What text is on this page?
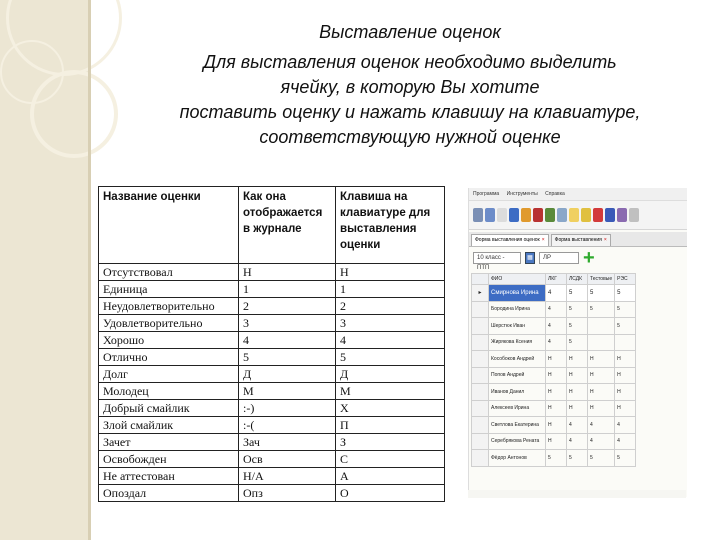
Выставление оценок
Для выставления оценок необходимо выделить
ячейку, в которую Вы хотите
поставить оценку и нажать клавишу на клавиатуре,
соответствующую нужной оценке
Название оценки	Как она отображается в журнале	Клавиша на клавиатуре для выставления оценки
Отсутствовал	Н	Н
Единица	1	1
Неудовлетворительно	2	2
Удовлетворительно	3	3
Хорошо	4	4
Отлично	5	5
Долг	Д	Д
Молодец	М	М
Добрый смайлик	:-)	Х
Злой смайлик	:-(	П
Зачет	Зач	З
Освобожден	Осв	С
Не аттестован	Н/А	А
Опоздал	Опз	О
Программа Инструменты Справка
Форма выставления оценок ×	Форма выставления ×
10 класс - ПТП
▦	ЛР	+
	ФИО	ЛКГ	ЛСДК	Тестовые	РЭС
▸	Смирнова Ирина	4	5	5	5
	Бородина Ирина	4	5	5	5
	Шерстюк Иван	4	5		5
	Жирякова Ксения	4	5		
	Кособоков Андрей	Н	Н	Н	Н
	Попов Андрей	Н	Н	Н	Н
	Иванов Данил	Н	Н	Н	Н
	Алексеев Ирина	Н	Н	Н	Н
	Светлова Екатерина	Н	4	4	4
	Серебрякова Рената	Н	4	4	4
	Фёдор Антонов	5	5	5	5
